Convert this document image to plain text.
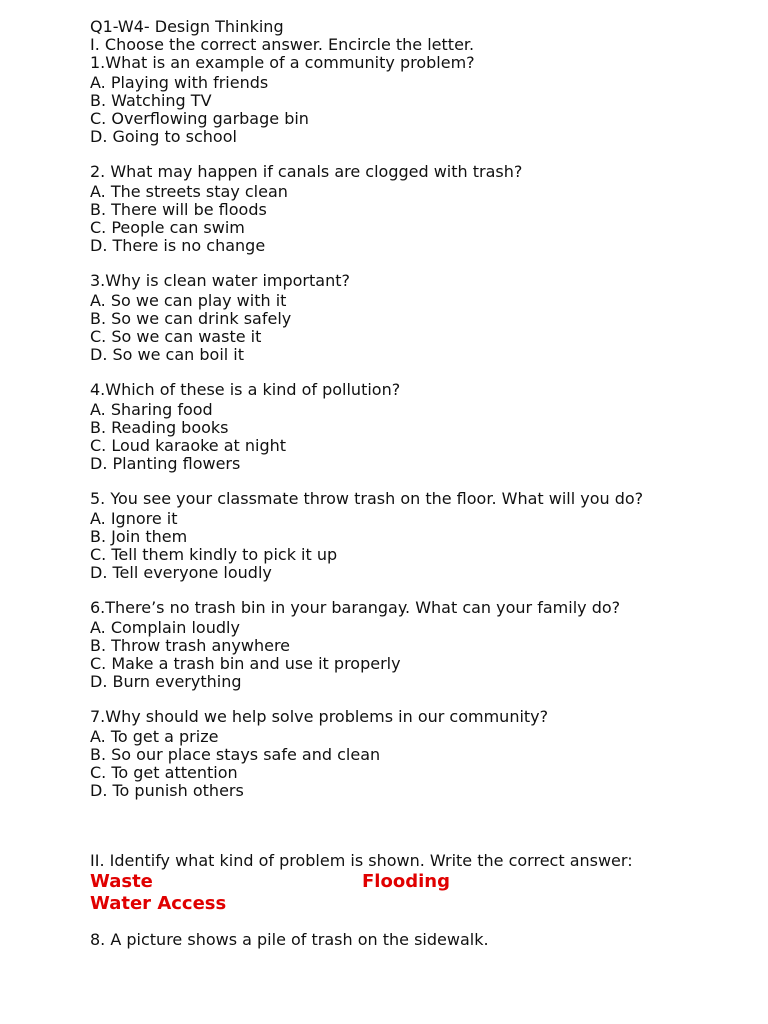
Q1-W4- Design Thinking
I. Choose the correct answer. Encircle the letter.
1.What is an example of a community problem?
A. Playing with friends
B. Watching TV
C. Overflowing garbage bin
D. Going to school
2. What may happen if canals are clogged with trash?
A. The streets stay clean
B. There will be floods
C. People can swim
D. There is no change
3.Why is clean water important?
A. So we can play with it
B. So we can drink safely
C. So we can waste it
D. So we can boil it
4.Which of these is a kind of pollution?
A. Sharing food
B. Reading books
C. Loud karaoke at night
D. Planting flowers
5. You see your classmate throw trash on the floor. What will you do?
A. Ignore it
B. Join them
C. Tell them kindly to pick it up
D. Tell everyone loudly
6.There’s no trash bin in your barangay. What can your family do?
A. Complain loudly
B. Throw trash anywhere
C. Make a trash bin and use it properly
D. Burn everything
7.Why should we help solve problems in our community?
A. To get a prize
B. So our place stays safe and clean
C. To get attention
D. To punish others
II. Identify what kind of problem is shown. Write the correct answer:
Waste	Flooding
Water Access
8. A picture shows a pile of trash on the sidewalk.
